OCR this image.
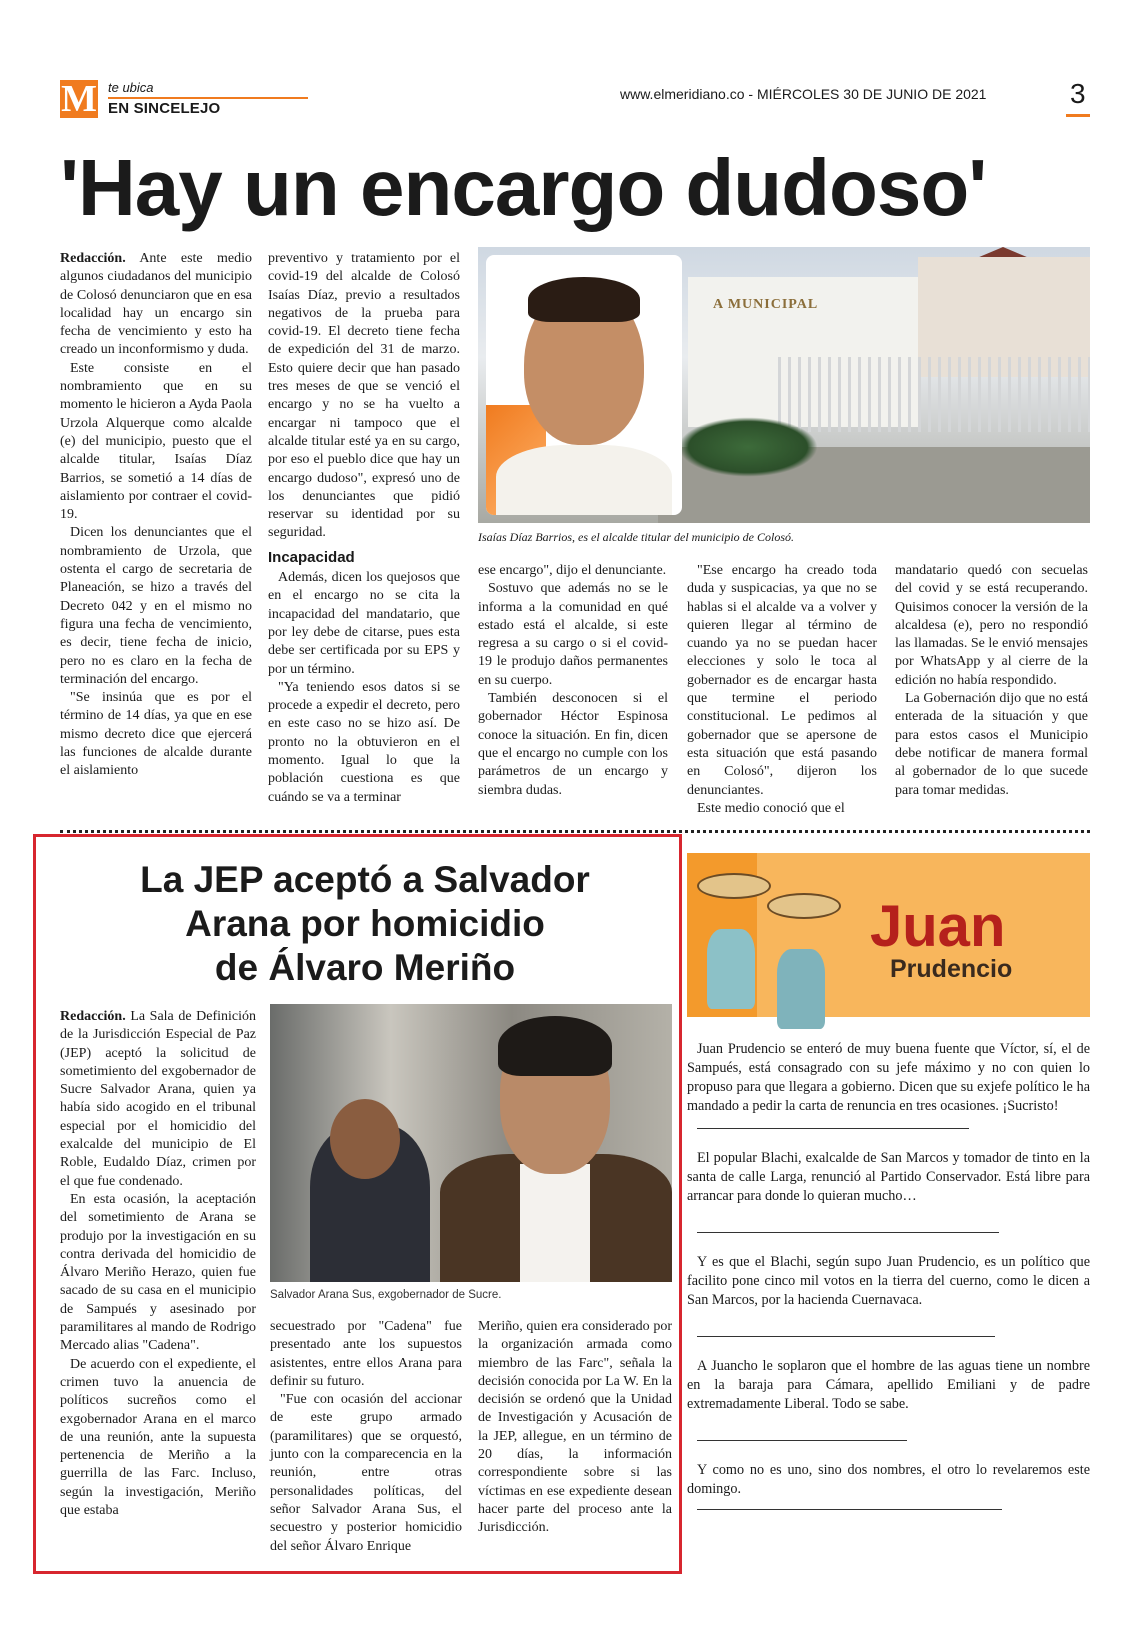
M te ubica
EN SINCELEJO
www.elmeridiano.co - MIÉRCOLES 30 DE JUNIO DE 2021	3
'Hay un encargo dudoso'

Redacción. Ante este medio algunos ciudadanos del municipio de Colosó denunciaron que en esa localidad hay un encargo sin fecha de vencimiento y esto ha creado un inconformismo y duda.

Este consiste en el nombramiento que en su momento le hicieron a Ayda Paola Urzola Alquerque como alcalde (e) del municipio, puesto que el alcalde titular, Isaías Díaz Barrios, se sometió a 14 días de aislamiento por contraer el covid-19.

Dicen los denunciantes que el nombramiento de Urzola, que ostenta el cargo de secretaria de Planeación, se hizo a través del Decreto 042 y en el mismo no figura una fecha de vencimiento, es decir, tiene fecha de inicio, pero no es claro en la fecha de terminación del encargo.

"Se insinúa que es por el término de 14 días, ya que en ese mismo decreto dice que ejercerá las funciones de alcalde durante el aislamiento

preventivo y tratamiento por el covid-19 del alcalde de Colosó Isaías Díaz, previo a resultados negativos de la prueba para covid-19. El decreto tiene fecha de expedición del 31 de marzo. Esto quiere decir que han pasado tres meses de que se venció el encargo y no se ha vuelto a encargar ni tampoco que el alcalde titular esté ya en su cargo, por eso el pueblo dice que hay un encargo dudoso", expresó uno de los denunciantes que pidió reservar su identidad por su seguridad.

Incapacidad

Además, dicen los quejosos que en el encargo no se cita la incapacidad del mandatario, que por ley debe de citarse, pues esta debe ser certificada por su EPS y por un término.

"Ya teniendo esos datos si se procede a expedir el decreto, pero en este caso no se hizo así. De pronto no la obtuvieron en el momento. Igual lo que la población cuestiona es que cuándo se va a terminar

A MUNICIPAL
Isaías Díaz Barrios, es el alcalde titular del municipio de Colosó.

ese encargo", dijo el denunciante.

Sostuvo que además no se le informa a la comunidad en qué estado está el alcalde, si este regresa a su cargo o si el covid-19 le produjo daños permanentes en su cuerpo.

También desconocen si el gobernador Héctor Espinosa conoce la situación. En fin, dicen que el encargo no cumple con los parámetros de un encargo y siembra dudas.

"Ese encargo ha creado toda duda y suspicacias, ya que no se hablas si el alcalde va a volver y quieren llegar al término de cuando ya no se puedan hacer elecciones y solo le toca al gobernador es de encargar hasta que termine el periodo constitucional. Le pedimos al gobernador que se apersone de esta situación que está pasando en Colosó", dijeron los denunciantes.

Este medio conoció que el

mandatario quedó con secuelas del covid y se está recuperando. Quisimos conocer la versión de la alcaldesa (e), pero no respondió las llamadas. Se le envió mensajes por WhatsApp y al cierre de la edición no había respondido.

La Gobernación dijo que no está enterada de la situación y que para estos casos el Municipio debe notificar de manera formal al gobernador de lo que sucede para tomar medidas.

La JEP aceptó a Salvador
Arana por homicidio
de Álvaro Meriño

Redacción. La Sala de Definición de la Jurisdicción Especial de Paz (JEP) aceptó la solicitud de sometimiento del exgobernador de Sucre Salvador Arana, quien ya había sido acogido en el tribunal especial por el homicidio del exalcalde del municipio de El Roble, Eudaldo Díaz, crimen por el que fue condenado.

En esta ocasión, la aceptación del sometimiento de Arana se produjo por la investigación en su contra derivada del homicidio de Álvaro Meriño Herazo, quien fue sacado de su casa en el municipio de Sampués y asesinado por paramilitares al mando de Rodrigo Mercado alias "Cadena".

De acuerdo con el expediente, el crimen tuvo la anuencia de políticos sucreños como el exgobernador Arana en el marco de una reunión, ante la supuesta pertenencia de Meriño a la guerrilla de las Farc. Incluso, según la investigación, Meriño que estaba

Salvador Arana Sus, exgobernador de Sucre.

secuestrado por "Cadena" fue presentado ante los supuestos asistentes, entre ellos Arana para definir su futuro.

"Fue con ocasión del accionar de este grupo armado (paramilitares) que se orquestó, junto con la comparecencia en la reunión, entre otras personalidades políticas, del señor Salvador Arana Sus, el secuestro y posterior homicidio del señor Álvaro Enrique

Meriño, quien era considerado por la organización armada como miembro de las Farc", señala la decisión conocida por La W. En la decisión se ordenó que la Unidad de Investigación y Acusación de la JEP, allegue, en un término de 20 días, la información correspondiente sobre si las víctimas en ese expediente desean hacer parte del proceso ante la Jurisdicción.

Juan
Prudencio

Juan Prudencio se enteró de muy buena fuente que Víctor, sí, el de Sampués, está consagrado con su jefe máximo y no con quien lo propuso para que llegara a gobierno. Dicen que su exjefe político le ha mandado a pedir la carta de renuncia en tres ocasiones. ¡Sucristo!

El popular Blachi, exalcalde de San Marcos y tomador de tinto en la santa de calle Larga, renunció al Partido Conservador. Está libre para arrancar para donde lo quieran mucho…

Y es que el Blachi, según supo Juan Prudencio, es un político que facilito pone cinco mil votos en la tierra del cuerno, como le dicen a San Marcos, por la hacienda Cuernavaca.

A Juancho le soplaron que el hombre de las aguas tiene un nombre en la baraja para Cámara, apellido Emiliani y de padre extremadamente Liberal. Todo se sabe.

Y como no es uno, sino dos nombres, el otro lo revelaremos este domingo.
